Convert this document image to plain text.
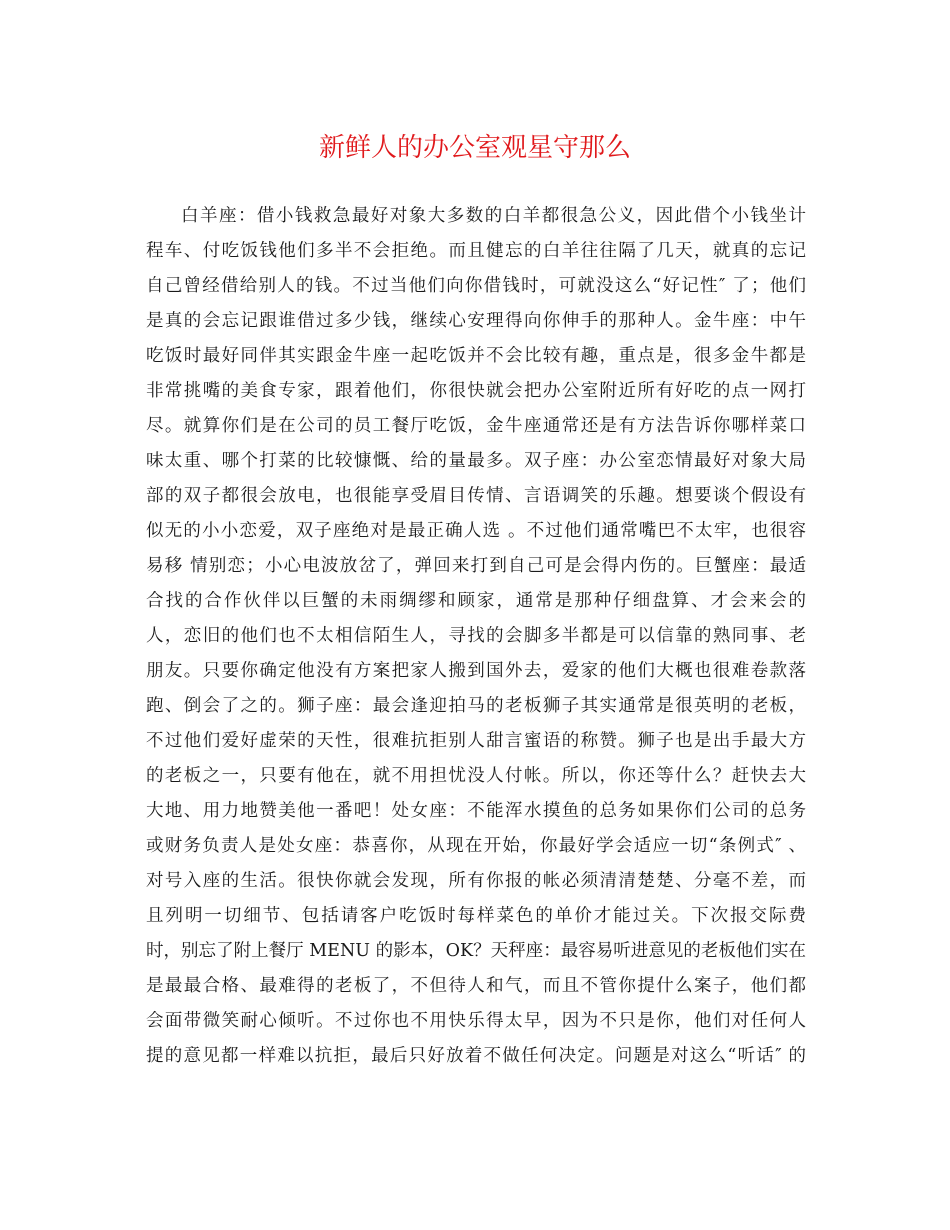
新鲜人的办公室观星守那么
白羊座：借小钱救急最好对象大多数的白羊都很急公义，因此借个小钱坐计
程车、付吃饭钱他们多半不会拒绝。而且健忘的白羊往往隔了几天，就真的忘记
自己曾经借给别人的钱。不过当他们向你借钱时，可就没这么“好记性″ 了；他们
是真的会忘记跟谁借过多少钱，继续心安理得向你伸手的那种人。金牛座：中午
吃饭时最好同伴其实跟金牛座一起吃饭并不会比较有趣，重点是，很多金牛都是
非常挑嘴的美食专家，跟着他们，你很快就会把办公室附近所有好吃的点一网打
尽。就算你们是在公司的员工餐厅吃饭，金牛座通常还是有方法告诉你哪样菜口
味太重、哪个打菜的比较慷慨、给的量最多。双子座：办公室恋情最好对象大局
部的双子都很会放电，也很能享受眉目传情、言语调笑的乐趣。想要谈个假设有
似无的小小恋爱，双子座绝对是最正确人选 。不过他们通常嘴巴不太牢，也很容
易移 情别恋；小心电波放岔了，弹回来打到自己可是会得内伤的。巨蟹座：最适
合找的合作伙伴以巨蟹的未雨绸缪和顾家，通常是那种仔细盘算、才会来会的
人，恋旧的他们也不太相信陌生人，寻找的会脚多半都是可以信靠的熟同事、老
朋友。只要你确定他没有方案把家人搬到国外去，爱家的他们大概也很难卷款落
跑、倒会了之的。狮子座：最会逢迎拍马的老板狮子其实通常是很英明的老板，
不过他们爱好虚荣的天性，很难抗拒别人甜言蜜语的称赞。狮子也是出手最大方
的老板之一，只要有他在，就不用担忧没人付帐。所以，你还等什么？赶快去大
大地、用力地赞美他一番吧！处女座：不能浑水摸鱼的总务如果你们公司的总务
或财务负责人是处女座：恭喜你，从现在开始，你最好学会适应一切“条例式″ 、
对号入座的生活。很快你就会发现，所有你报的帐必须清清楚楚、分毫不差，而
且列明一切细节、包括请客户吃饭时每样菜色的单价才能过关。下次报交际费
时，别忘了附上餐厅 MENU 的影本，OK？天秤座：最容易听进意见的老板他们实在
是最最合格、最难得的老板了，不但待人和气，而且不管你提什么案子，他们都
会面带微笑耐心倾听。不过你也不用快乐得太早，因为不只是你，他们对任何人
提的意见都一样难以抗拒，最后只好放着不做任何决定。问题是对这么“听话″ 的
